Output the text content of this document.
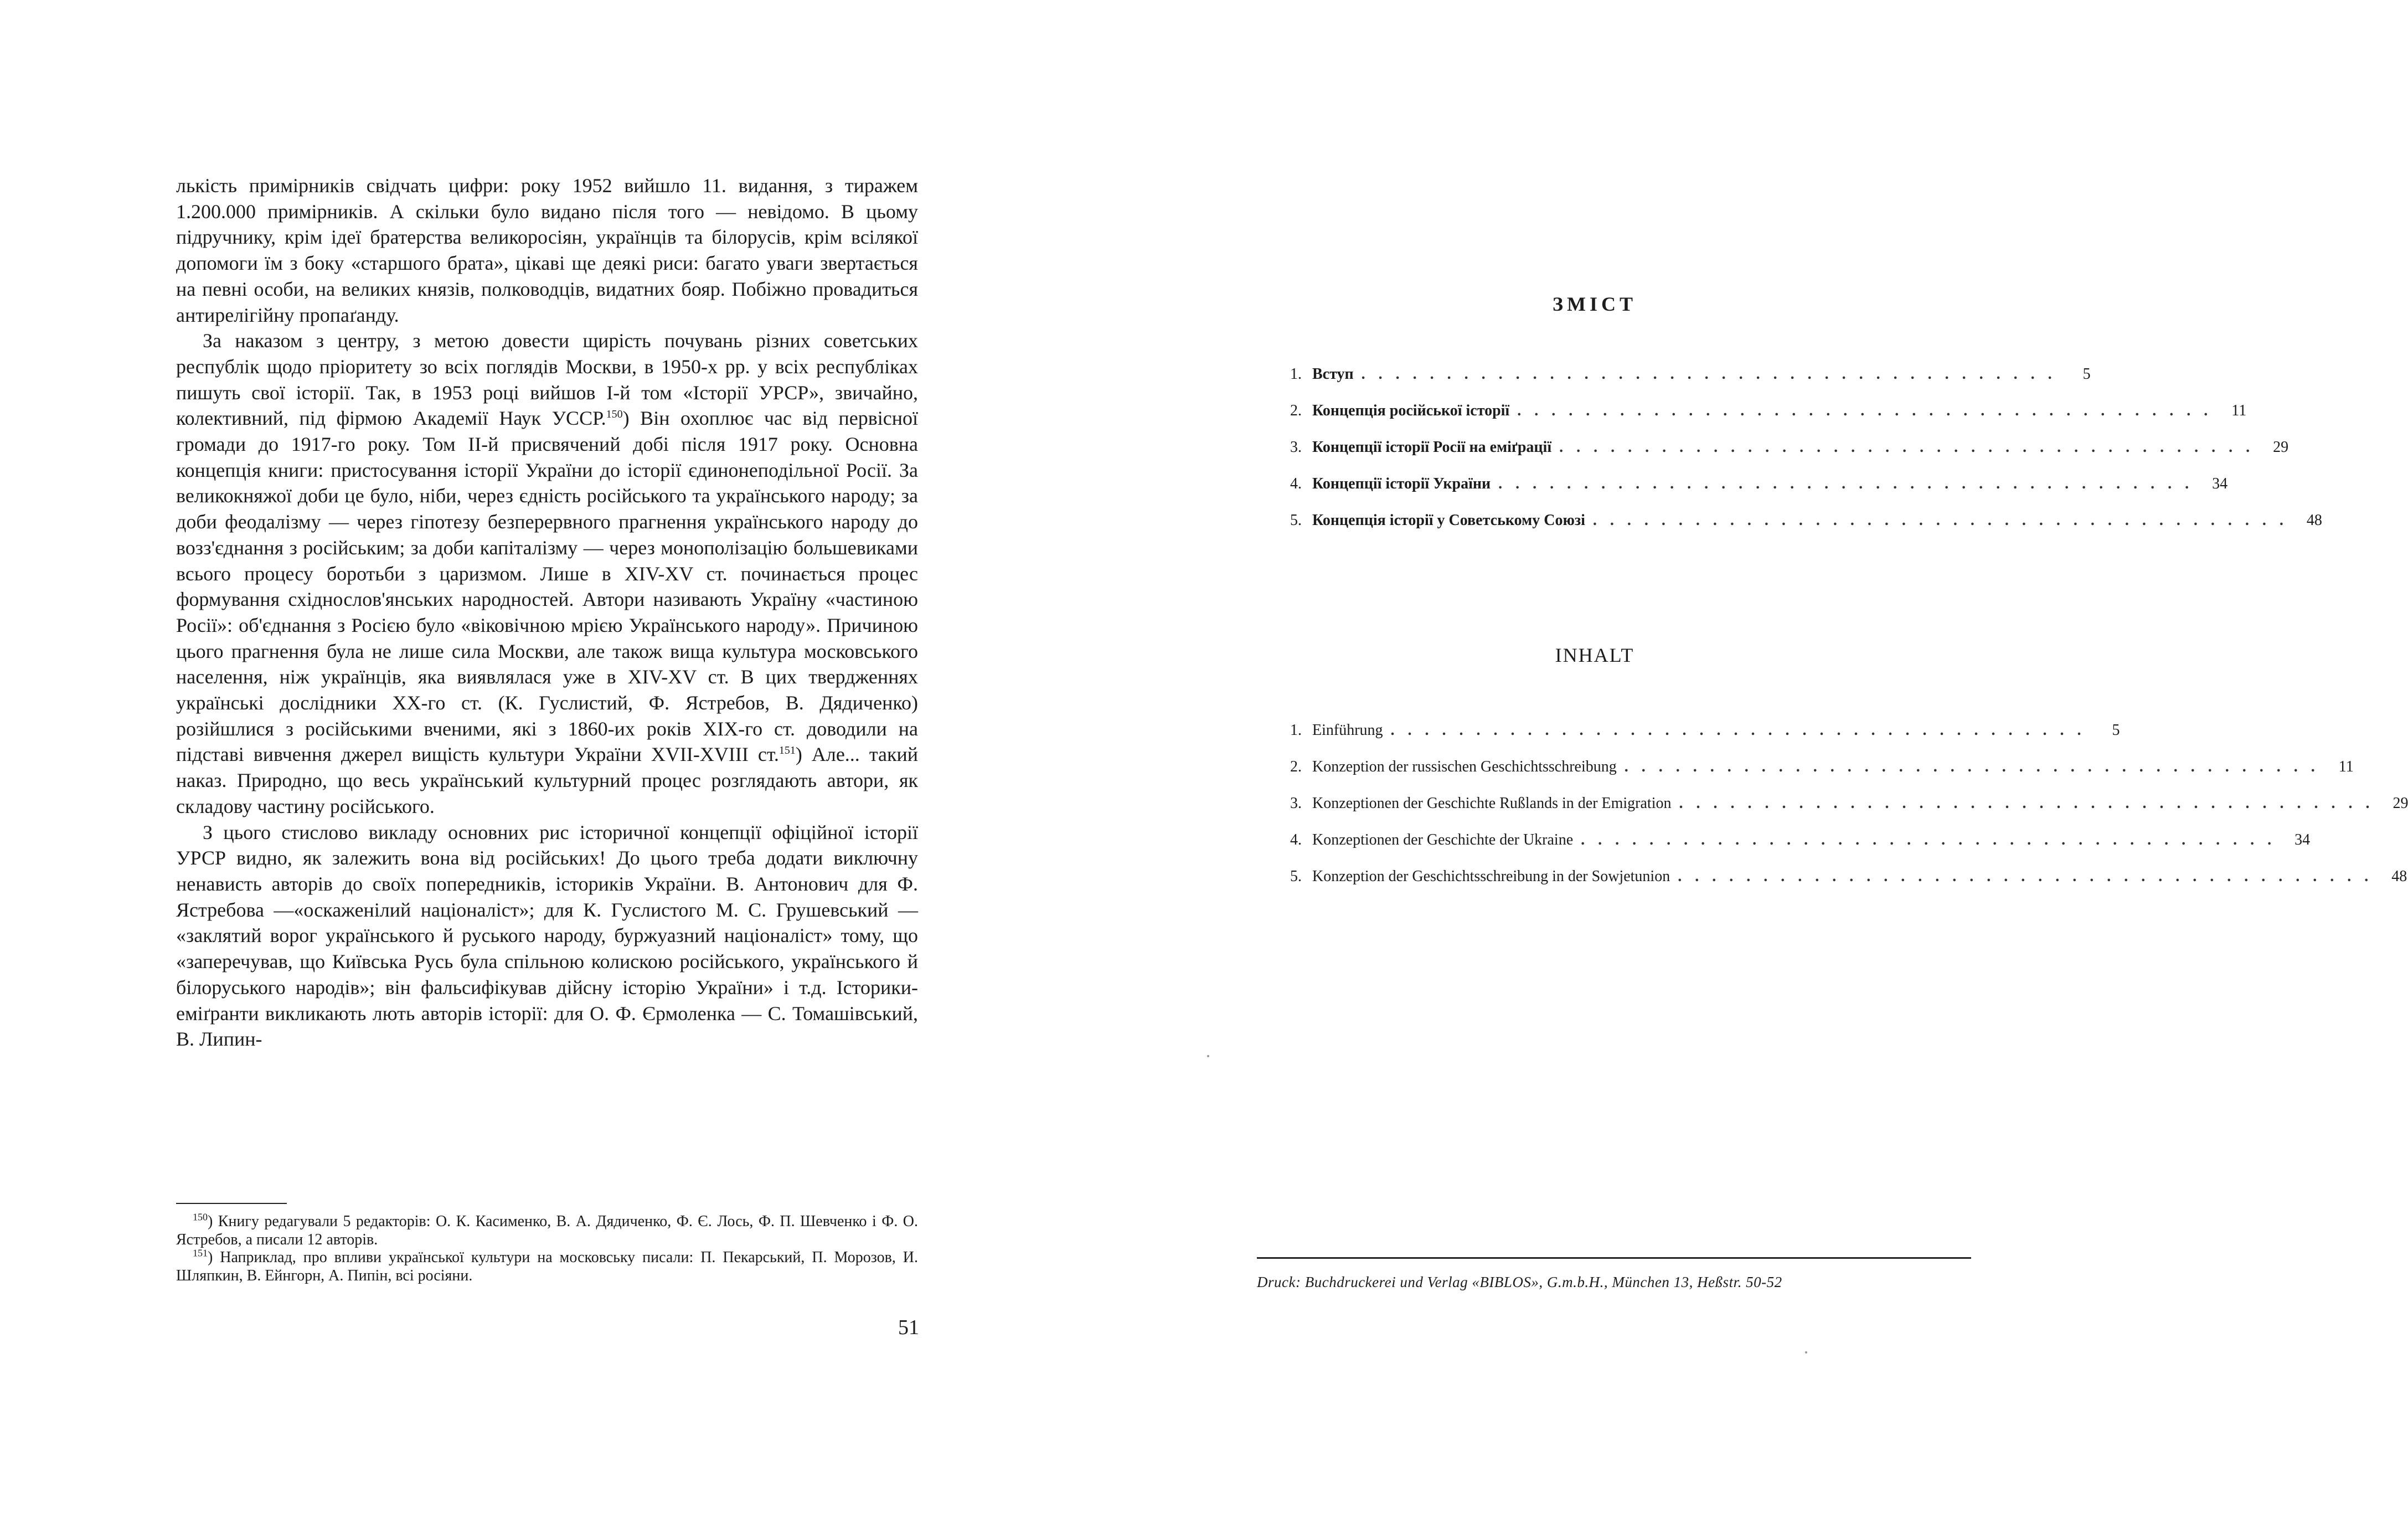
лькість примірників свідчать цифри: року 1952 вийшло 11. видання, з тиражем 1.200.000 примірників. А скільки було видано після того — невідомо. В цьому підручнику, крім ідеї братерства великоросіян, українців та білорусів, крім всілякої допомоги їм з боку «старшого брата», цікаві ще деякі риси: багато уваги звертається на певні особи, на великих князів, полководців, видатних бояр. Побіжно провадиться антирелігійну пропаґанду.

За наказом з центру, з метою довести щирість почувань різних советських республік щодо пріоритету зо всіх поглядів Москви, в 1950-х рр. у всіх республіках пишуть свої історії. Так, в 1953 році вийшов І-й том «Історії УРСР», звичайно, колективний, під фірмою Академії Наук УССР.$^{150}$) Він охоплює час від первісної громади до 1917-го року. Том ІІ-й присвячений добі після 1917 року. Основна концепція книги: пристосування історії України до історії єдинонеподільної Росії. За великокняжої доби це було, ніби, через єдність російського та українського народу; за доби феодалізму — через гіпотезу безперервного прагнення українського народу до возз'єднання з російським; за доби капіталізму — через монополізацію большевиками всього процесу боротьби з царизмом. Лише в XIV-XV ст. починається процес формування східнослов'янських народностей. Автори називають Україну «частиною Росії»: об'єднання з Росією було «віковічною мрією Українського народу». Причиною цього прагнення була не лише сила Москви, але також вища культура московського населення, ніж українців, яка виявлялася уже в XIV-XV ст. В цих твердженнях українські дослідники XX-го ст. (К. Гуслистий, Ф. Ястребов, В. Дядиченко) розійшлися з російськими вченими, які з 1860-их років XIX-го ст. доводили на підставі вивчення джерел вищість культури України XVII-XVIII ст.$^{151}$) Але... такий наказ. Природно, що весь український культурний процес розглядають автори, як складову частину російського.

З цього стисловo викладу основних рис історичної концепції офіційної історії УРСР видно, як залежить вона від російських! До цього треба додати виключну ненависть авторів до своїх попередників, істориків України. В. Антонович для Ф. Ястребова —«оскаженілий націоналіст»; для К. Гуслистого М. С. Грушевський — «заклятий ворог українського й руського народу, буржуазний націоналіст» тому, що «заперечував, що Київська Русь була спільною колискою російського, українського й білоруського народів»; він фальсифікував дійсну історію України» і т.д. Історики-еміґранти викликають лють авторів історії: для О. Ф. Єрмоленка — С. Томашівський, В. Липин-

$^{150}$) Книгу редагували 5 редакторів: О. К. Касименко, В. А. Дядиченко, Ф. Є. Лось, Ф. П. Шевченко і Ф. О. Ястребов, а писали 12 авторів.

$^{151}$) Наприклад, про впливи української культури на московську писали: П. Пекарський, П. Морозов, И. Шляпкин, В. Ейнгорн, А. Пипін, всі росіяни.

51
ЗМІСТ
1. Вступ .........................................	5
2. Концепція російської історії ......................................... 11
3. Концепції історії Росії на еміґрації ......................................... 29
4. Концепції історії України ......................................... 34
5. Концепція історії у Советському Союзі ......................................... 48
INHALT
1. Einführung .........................................	5
2. Konzeption der russischen Geschichtsschreibung ......................................... 11
3. Konzeptionen der Geschichte Rußlands in der Emigration ......................................... 29
4. Konzeptionen der Geschichte der Ukraine ......................................... 34
5. Konzeption der Geschichtsschreibung in der Sowjetunion ......................................... 48
Druck: Buchdruckerei und Verlag «BIBLOS», G.m.b.H., München 13, Heßstr. 50-52
